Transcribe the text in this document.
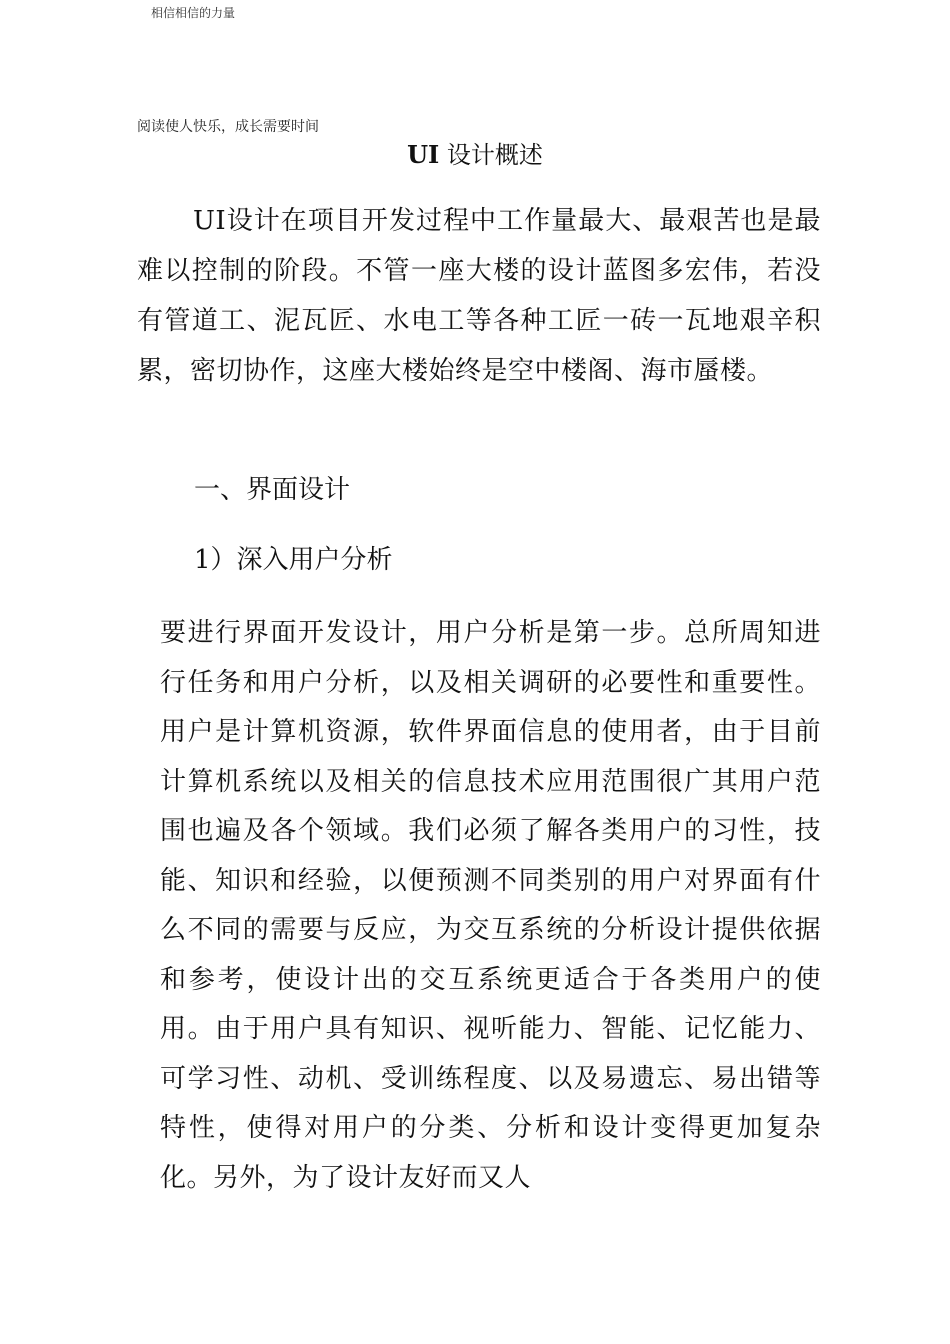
相信相信的力量
阅读使人快乐，成长需要时间
UI 设计概述

UI设计在项目开发过程中工作量最大、最艰苦也是最难以控制的阶段。不管一座大楼的设计蓝图多宏伟，若没有管道工、泥瓦匠、水电工等各种工匠一砖一瓦地艰辛积累，密切协作，这座大楼始终是空中楼阁、海市蜃楼。

一、界面设计
1）深入用户分析

要进行界面开发设计，用户分析是第一步。总所周知进行任务和用户分析，以及相关调研的必要性和重要性。用户是计算机资源，软件界面信息的使用者，由于目前计算机系统以及相关的信息技术应用范围很广其用户范围也遍及各个领域。我们必须了解各类用户的习性，技能、知识和经验，以便预测不同类别的用户对界面有什么不同的需要与反应，为交互系统的分析设计提供依据和参考，使设计出的交互系统更适合于各类用户的使用。由于用户具有知识、视听能力、智能、记忆能力、可学习性、动机、受训练程度、以及易遗忘、易出错等特性，使得对用户的分类、分析和设计变得更加复杂化。另外，为了设计友好而又人
